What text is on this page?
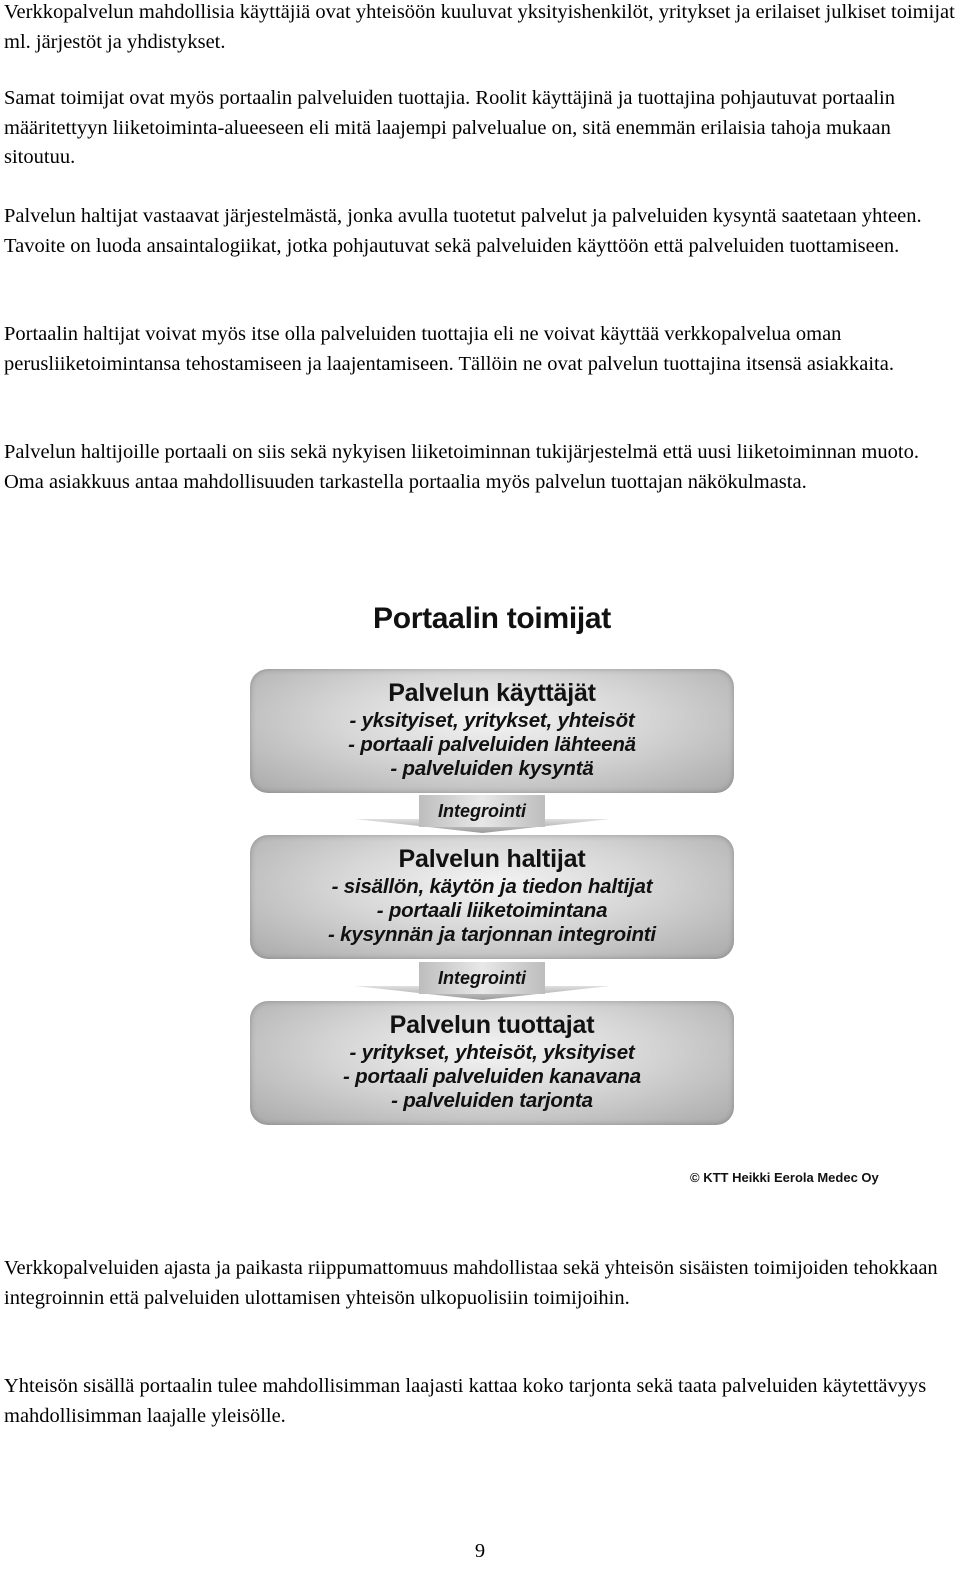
Verkkopalvelun mahdollisia käyttäjiä ovat yhteisöön kuuluvat yksityishenkilöt, yritykset ja erilaiset julkiset toimijat ml. järjestöt ja yhdistykset.

Samat toimijat ovat myös portaalin palveluiden tuottajia. Roolit käyttäjinä ja tuottajina pohjautuvat portaalin määritettyyn liiketoiminta-alueeseen eli mitä laajempi palvelualue on, sitä enemmän erilaisia tahoja mukaan sitoutuu.

Palvelun haltijat vastaavat järjestelmästä, jonka avulla tuotetut palvelut ja palveluiden kysyntä saatetaan yhteen. Tavoite on luoda ansaintalogiikat, jotka pohjautuvat sekä palveluiden käyttöön että palveluiden tuottamiseen.

Portaalin haltijat voivat myös itse olla palveluiden tuottajia eli ne voivat käyttää verkkopalvelua oman perusliiketoimintansa tehostamiseen ja laajentamiseen. Tällöin ne ovat palvelun tuottajina itsensä asiakkaita.

Palvelun haltijoille portaali on siis sekä nykyisen liiketoiminnan tukijärjestelmä että uusi liiketoiminnan muoto. Oma asiakkuus antaa mahdollisuuden tarkastella portaalia myös palvelun tuottajan näkökulmasta.

Portaalin toimijat
Palvelun käyttäjät
- yksityiset, yritykset, yhteisöt
- portaali palveluiden lähteenä
- palveluiden kysyntä
Integrointi
Palvelun haltijat
- sisällön, käytön ja tiedon haltijat
- portaali liiketoimintana
- kysynnän ja tarjonnan integrointi
Integrointi
Palvelun tuottajat
- yritykset, yhteisöt, yksityiset
- portaali palveluiden kanavana
- palveluiden tarjonta
© KTT Heikki Eerola Medec Oy

Verkkopalveluiden ajasta ja paikasta riippumattomuus mahdollistaa sekä yhteisön sisäisten toimijoiden tehokkaan integroinnin että palveluiden ulottamisen yhteisön ulkopuolisiin toimijoihin.

Yhteisön sisällä portaalin tulee mahdollisimman laajasti kattaa koko tarjonta sekä taata palveluiden käytettävyys mahdollisimman laajalle yleisölle.

9
